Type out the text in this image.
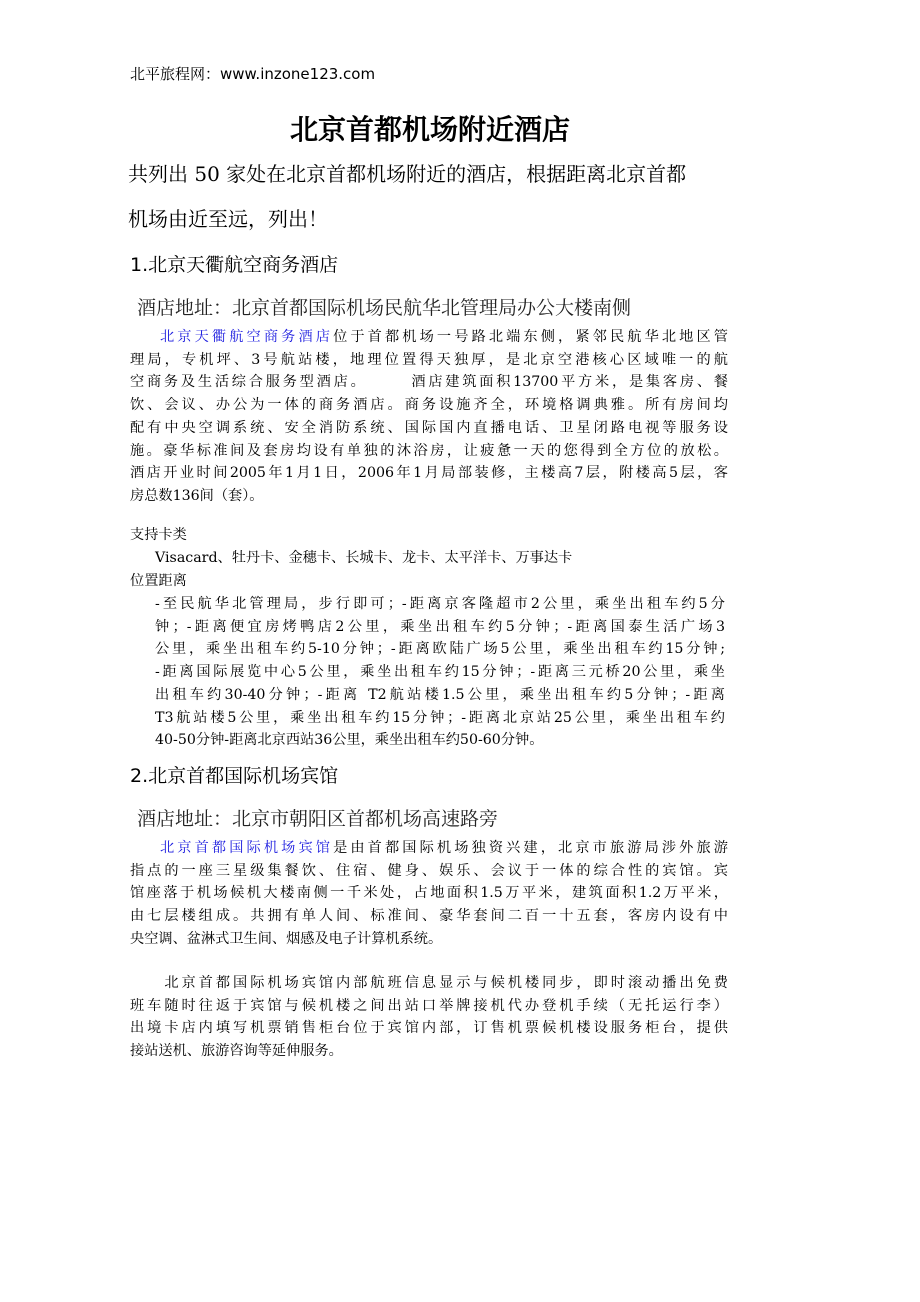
北平旅程网：www.inzone123.com
北京首都机场附近酒店
共列出 50 家处在北京首都机场附近的酒店，根据距离北京首都
机场由近至远，列出！
1.北京天衢航空商务酒店
酒店地址：北京首都国际机场民航华北管理局办公大楼南侧
北京天衢航空商务酒店位于首都机场一号路北端东侧，紧邻民航华北地区管
理局，专机坪、3号航站楼，地理位置得天独厚，是北京空港核心区域唯一的航
空商务及生活综合服务型酒店。　　　酒店建筑面积13700平方米，是集客房、餐
饮、会议、办公为一体的商务酒店。商务设施齐全，环境格调典雅。所有房间均
配有中央空调系统、安全消防系统、国际国内直播电话、卫星闭路电视等服务设
施。豪华标准间及套房均设有单独的沐浴房，让疲惫一天的您得到全方位的放松。
酒店开业时间2005年1月1日，2006年1月局部装修，主楼高7层，附楼高5层，客
房总数136间（套）。
支持卡类
Visacard、牡丹卡、金穗卡、长城卡、龙卡、太平洋卡、万事达卡
位置距离
-至民航华北管理局，步行即可；-距离京客隆超市2公里，乘坐出租车约5分
钟；-距离便宜房烤鸭店2公里，乘坐出租车约5分钟；-距离国泰生活广场3
公里，乘坐出租车约5-10分钟；-距离欧陆广场5公里，乘坐出租车约15分钟;
-距离国际展览中心5公里，乘坐出租车约15分钟；-距离三元桥20公里，乘坐
出租车约30-40分钟；-距离 T2航站楼1.5公里，乘坐出租车约5分钟；-距离
T3航站楼5公里，乘坐出租车约15分钟；-距离北京站25公里，乘坐出租车约
40-50分钟-距离北京西站36公里，乘坐出租车约50-60分钟。
2.北京首都国际机场宾馆
酒店地址：北京市朝阳区首都机场高速路旁
北京首都国际机场宾馆是由首都国际机场独资兴建，北京市旅游局涉外旅游
指点的一座三星级集餐饮、住宿、健身、娱乐、会议于一体的综合性的宾馆。宾
馆座落于机场候机大楼南侧一千米处，占地面积1.5万平米，建筑面积1.2万平米，
由七层楼组成。共拥有单人间、标准间、豪华套间二百一十五套，客房内设有中
央空调、盆淋式卫生间、烟感及电子计算机系统。
　　北京首都国际机场宾馆内部航班信息显示与候机楼同步，即时滚动播出免费
班车随时往返于宾馆与候机楼之间出站口举牌接机代办登机手续（无托运行李）
出境卡店内填写机票销售柜台位于宾馆内部，订售机票候机楼设服务柜台，提供
接站送机、旅游咨询等延伸服务。
